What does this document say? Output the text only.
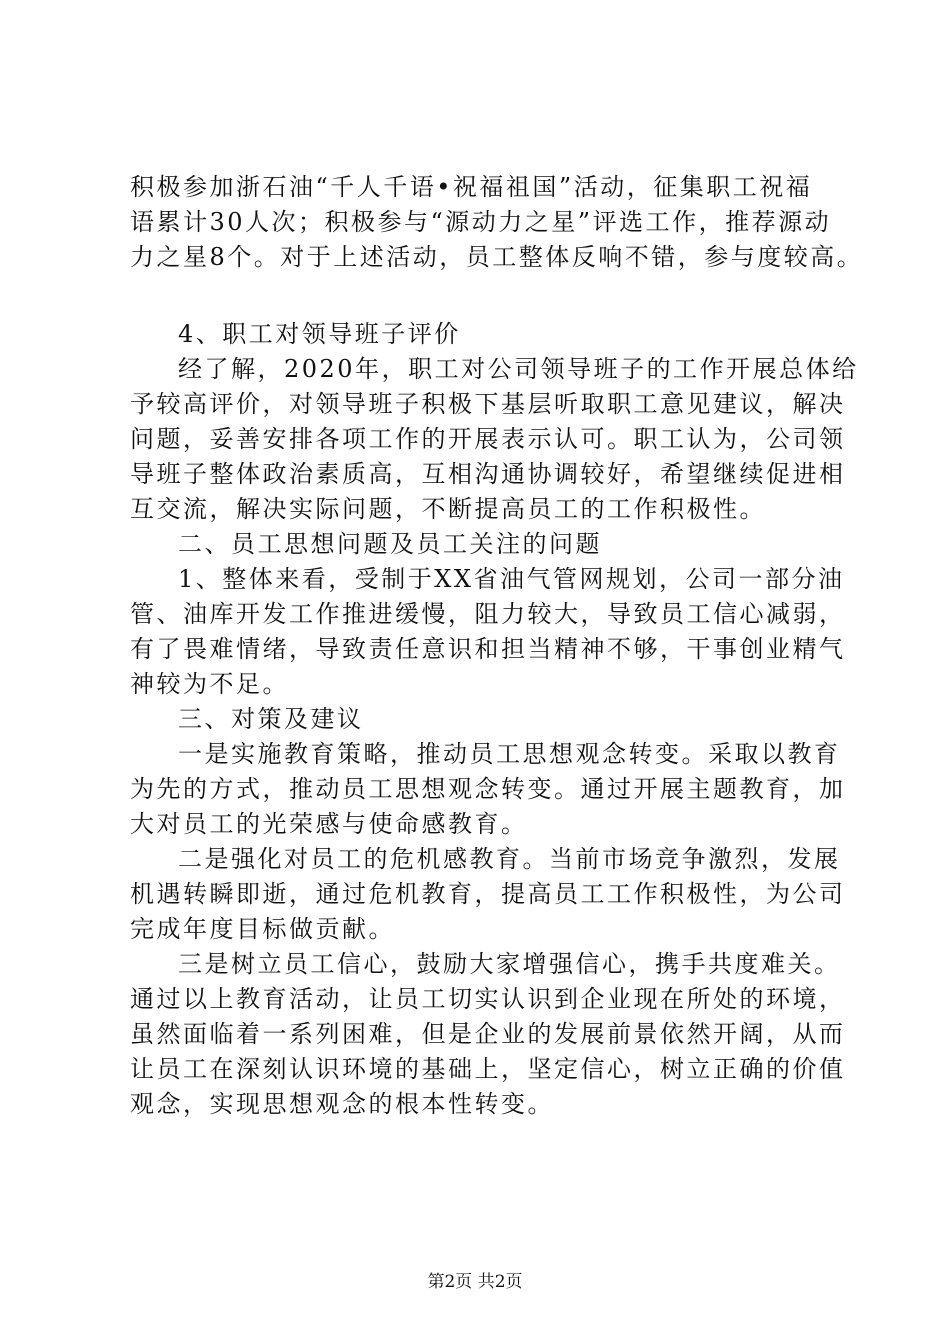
积极参加浙石油“千人千语•祝福祖国”活动，征集职工祝福
语累计30人次；积极参与“源动力之星”评选工作，推荐源动
力之星8个。对于上述活动，员工整体反响不错，参与度较高。
4、职工对领导班子评价
经了解，2020年，职工对公司领导班子的工作开展总体给
予较高评价，对领导班子积极下基层听取职工意见建议，解决
问题，妥善安排各项工作的开展表示认可。职工认为，公司领
导班子整体政治素质高，互相沟通协调较好，希望继续促进相
互交流，解决实际问题，不断提高员工的工作积极性。
二、员工思想问题及员工关注的问题
1、整体来看，受制于XX省油气管网规划，公司一部分油
管、油库开发工作推进缓慢，阻力较大，导致员工信心减弱，
有了畏难情绪，导致责任意识和担当精神不够，干事创业精气
神较为不足。
三、对策及建议
一是实施教育策略，推动员工思想观念转变。采取以教育
为先的方式，推动员工思想观念转变。通过开展主题教育，加
大对员工的光荣感与使命感教育。
二是强化对员工的危机感教育。当前市场竞争激烈，发展
机遇转瞬即逝，通过危机教育，提高员工工作积极性，为公司
完成年度目标做贡献。
三是树立员工信心，鼓励大家增强信心，携手共度难关。
通过以上教育活动，让员工切实认识到企业现在所处的环境，
虽然面临着一系列困难，但是企业的发展前景依然开阔，从而
让员工在深刻认识环境的基础上，坚定信心，树立正确的价值
观念，实现思想观念的根本性转变。
第2页 共2页
